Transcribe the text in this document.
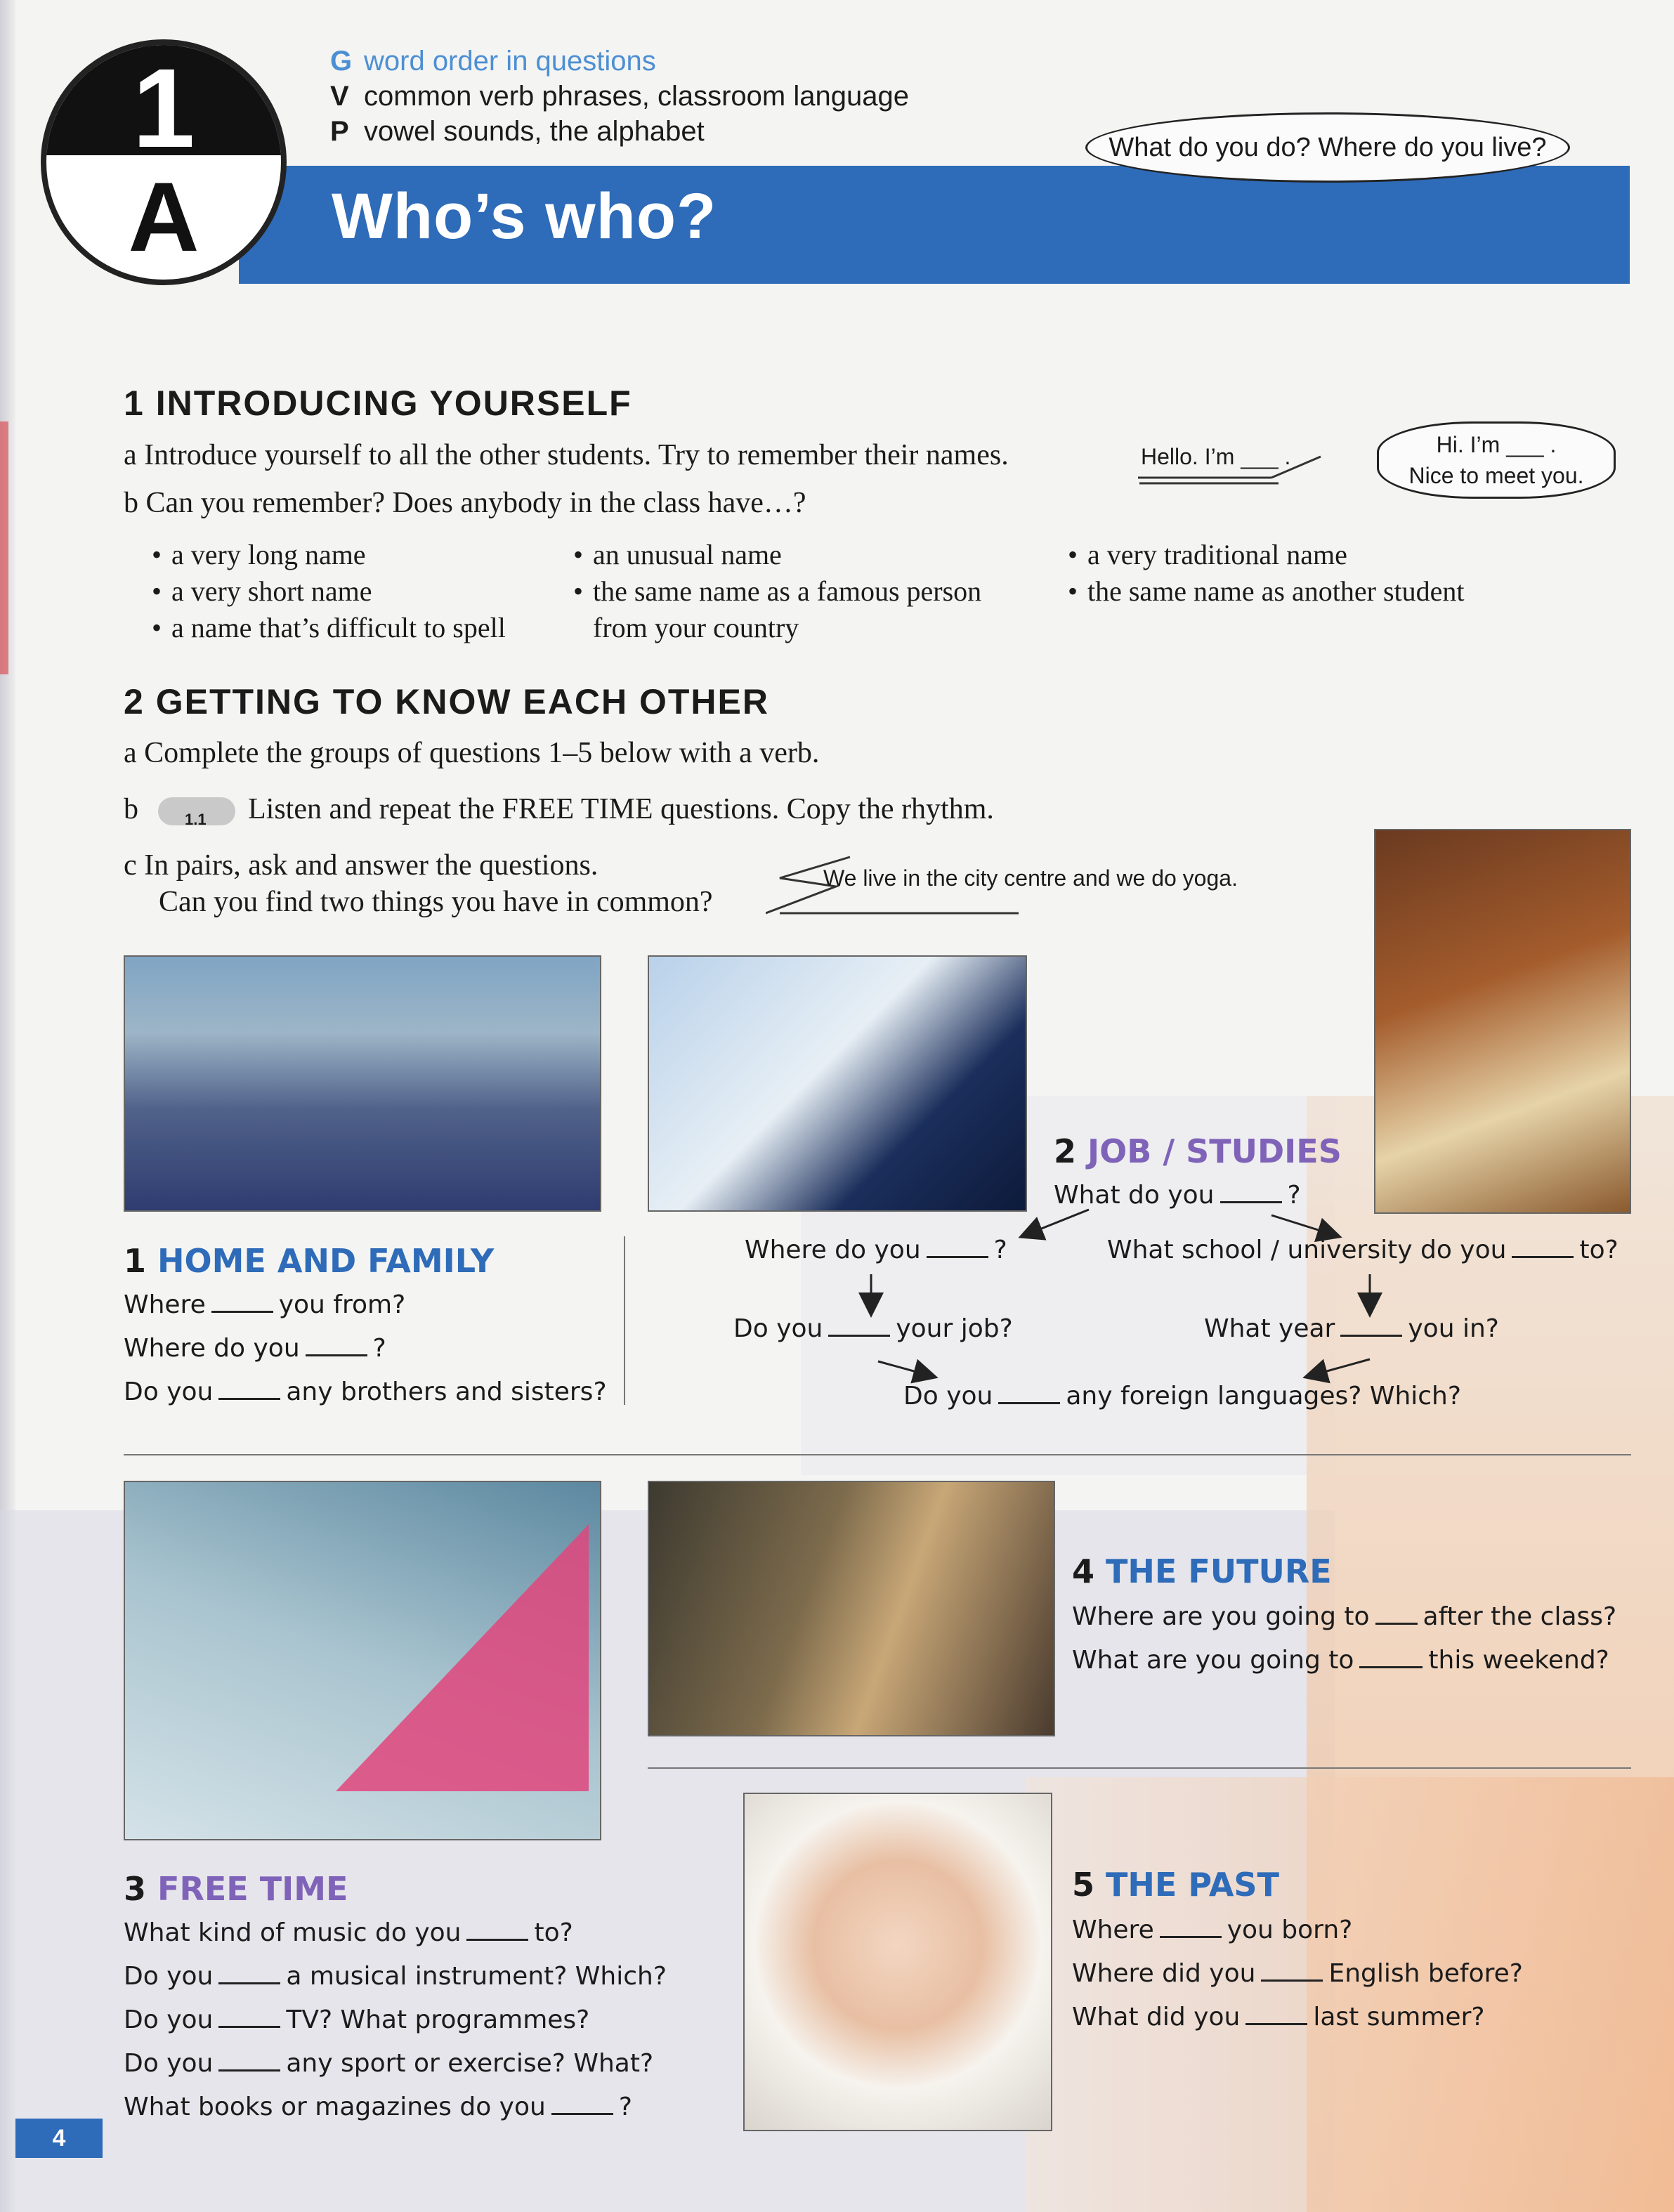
1
A	Who’s who?
G word order in questions
V common verb phrases, classroom language
P vowel sounds, the alphabet
What do you do? Where do you live?
1 INTRODUCING YOURSELF
a Introduce yourself to all the other students. Try to remember their names.
b Can you remember? Does anybody in the class have…?
Hello. I’m ___ .	Hi. I’m ___ .
Nice to meet you.
• a very long name
• a very short name
• a name that’s difficult to spell
• an unusual name
• the same name as a famous person
from your country
• a very traditional name
• the same name as another student
2 GETTING TO KNOW EACH OTHER
a Complete the groups of questions 1–5 below with a verb.
b	1.1 Listen and repeat the FREE TIME questions. Copy the rhythm.
c In pairs, ask and answer the questions.
Can you find two things you have in common?
We live in the city centre and we do yoga.
1 HOME AND FAMILY
Where	you from?
Where do you	?
Do you	any brothers and sisters?
2 JOB / STUDIES
What do you	?
Where do you	?	What school / university do you	to?
Do you	your job?	What year	you in?
Do you	any foreign languages? Which?
3 FREE TIME
What kind of music do you	to?
Do you	a musical instrument? Which?
Do you	TV? What programmes?
Do you	any sport or exercise? What?
What books or magazines do you	?
4 THE FUTURE
Where are you going to after the class?
What are you going to	this weekend?
5 THE PAST
Where	you born?
Where did you	English before?
What did you	last summer?
4
